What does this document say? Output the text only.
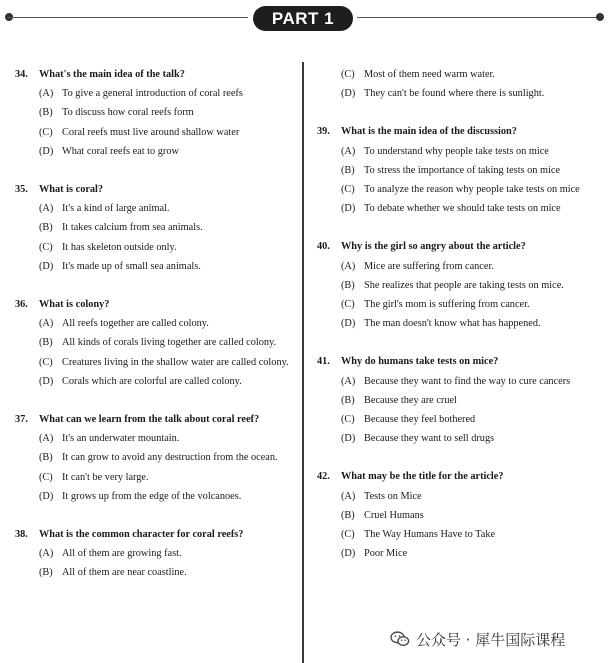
PART 1
34.	What's the main idea of the talk?
(A) To give a general introduction of coral reefs
(B) To discuss how coral reefs form
(C) Coral reefs must live around shallow water
(D) What coral reefs eat to grow
35.	What is coral?
(A) It's a kind of large animal.
(B) It takes calcium from sea animals.
(C) It has skeleton outside only.
(D) It's made up of small sea animals.
36.	What is colony?
(A) All reefs together are called colony.
(B) All kinds of corals living together are called colony.
(C) Creatures living in the shallow water are called colony.
(D) Corals which are colorful are called colony.
37.	What can we learn from the talk about coral reef?
(A) It's an underwater mountain.
(B) It can grow to avoid any destruction from the ocean.
(C) It can't be very large.
(D) It grows up from the edge of the volcanoes.
38.	What is the common character for coral reefs?
(A) All of them are growing fast.
(B) All of them are near coastline.
(C) Most of them need warm water.
(D) They can't be found where there is sunlight.
39.	What is the main idea of the discussion?
(A) To understand why people take tests on mice
(B) To stress the importance of taking tests on mice
(C) To analyze the reason why people take tests on mice
(D) To debate whether we should take tests on mice
40.	Why is the girl so angry about the article?
(A) Mice are suffering from cancer.
(B) She realizes that people are taking tests on mice.
(C) The girl's mom is suffering from cancer.
(D) The man doesn't know what has happened.
41.	Why do humans take tests on mice?
(A) Because they want to find the way to cure cancers
(B) Because they are cruel
(C) Because they feel bothered
(D) Because they want to sell drugs
42.	What may be the title for the article?
(A) Tests on Mice
(B) Cruel Humans
(C) The Way Humans Have to Take
(D) Poor Mice
公众号 · 犀牛国际课程
